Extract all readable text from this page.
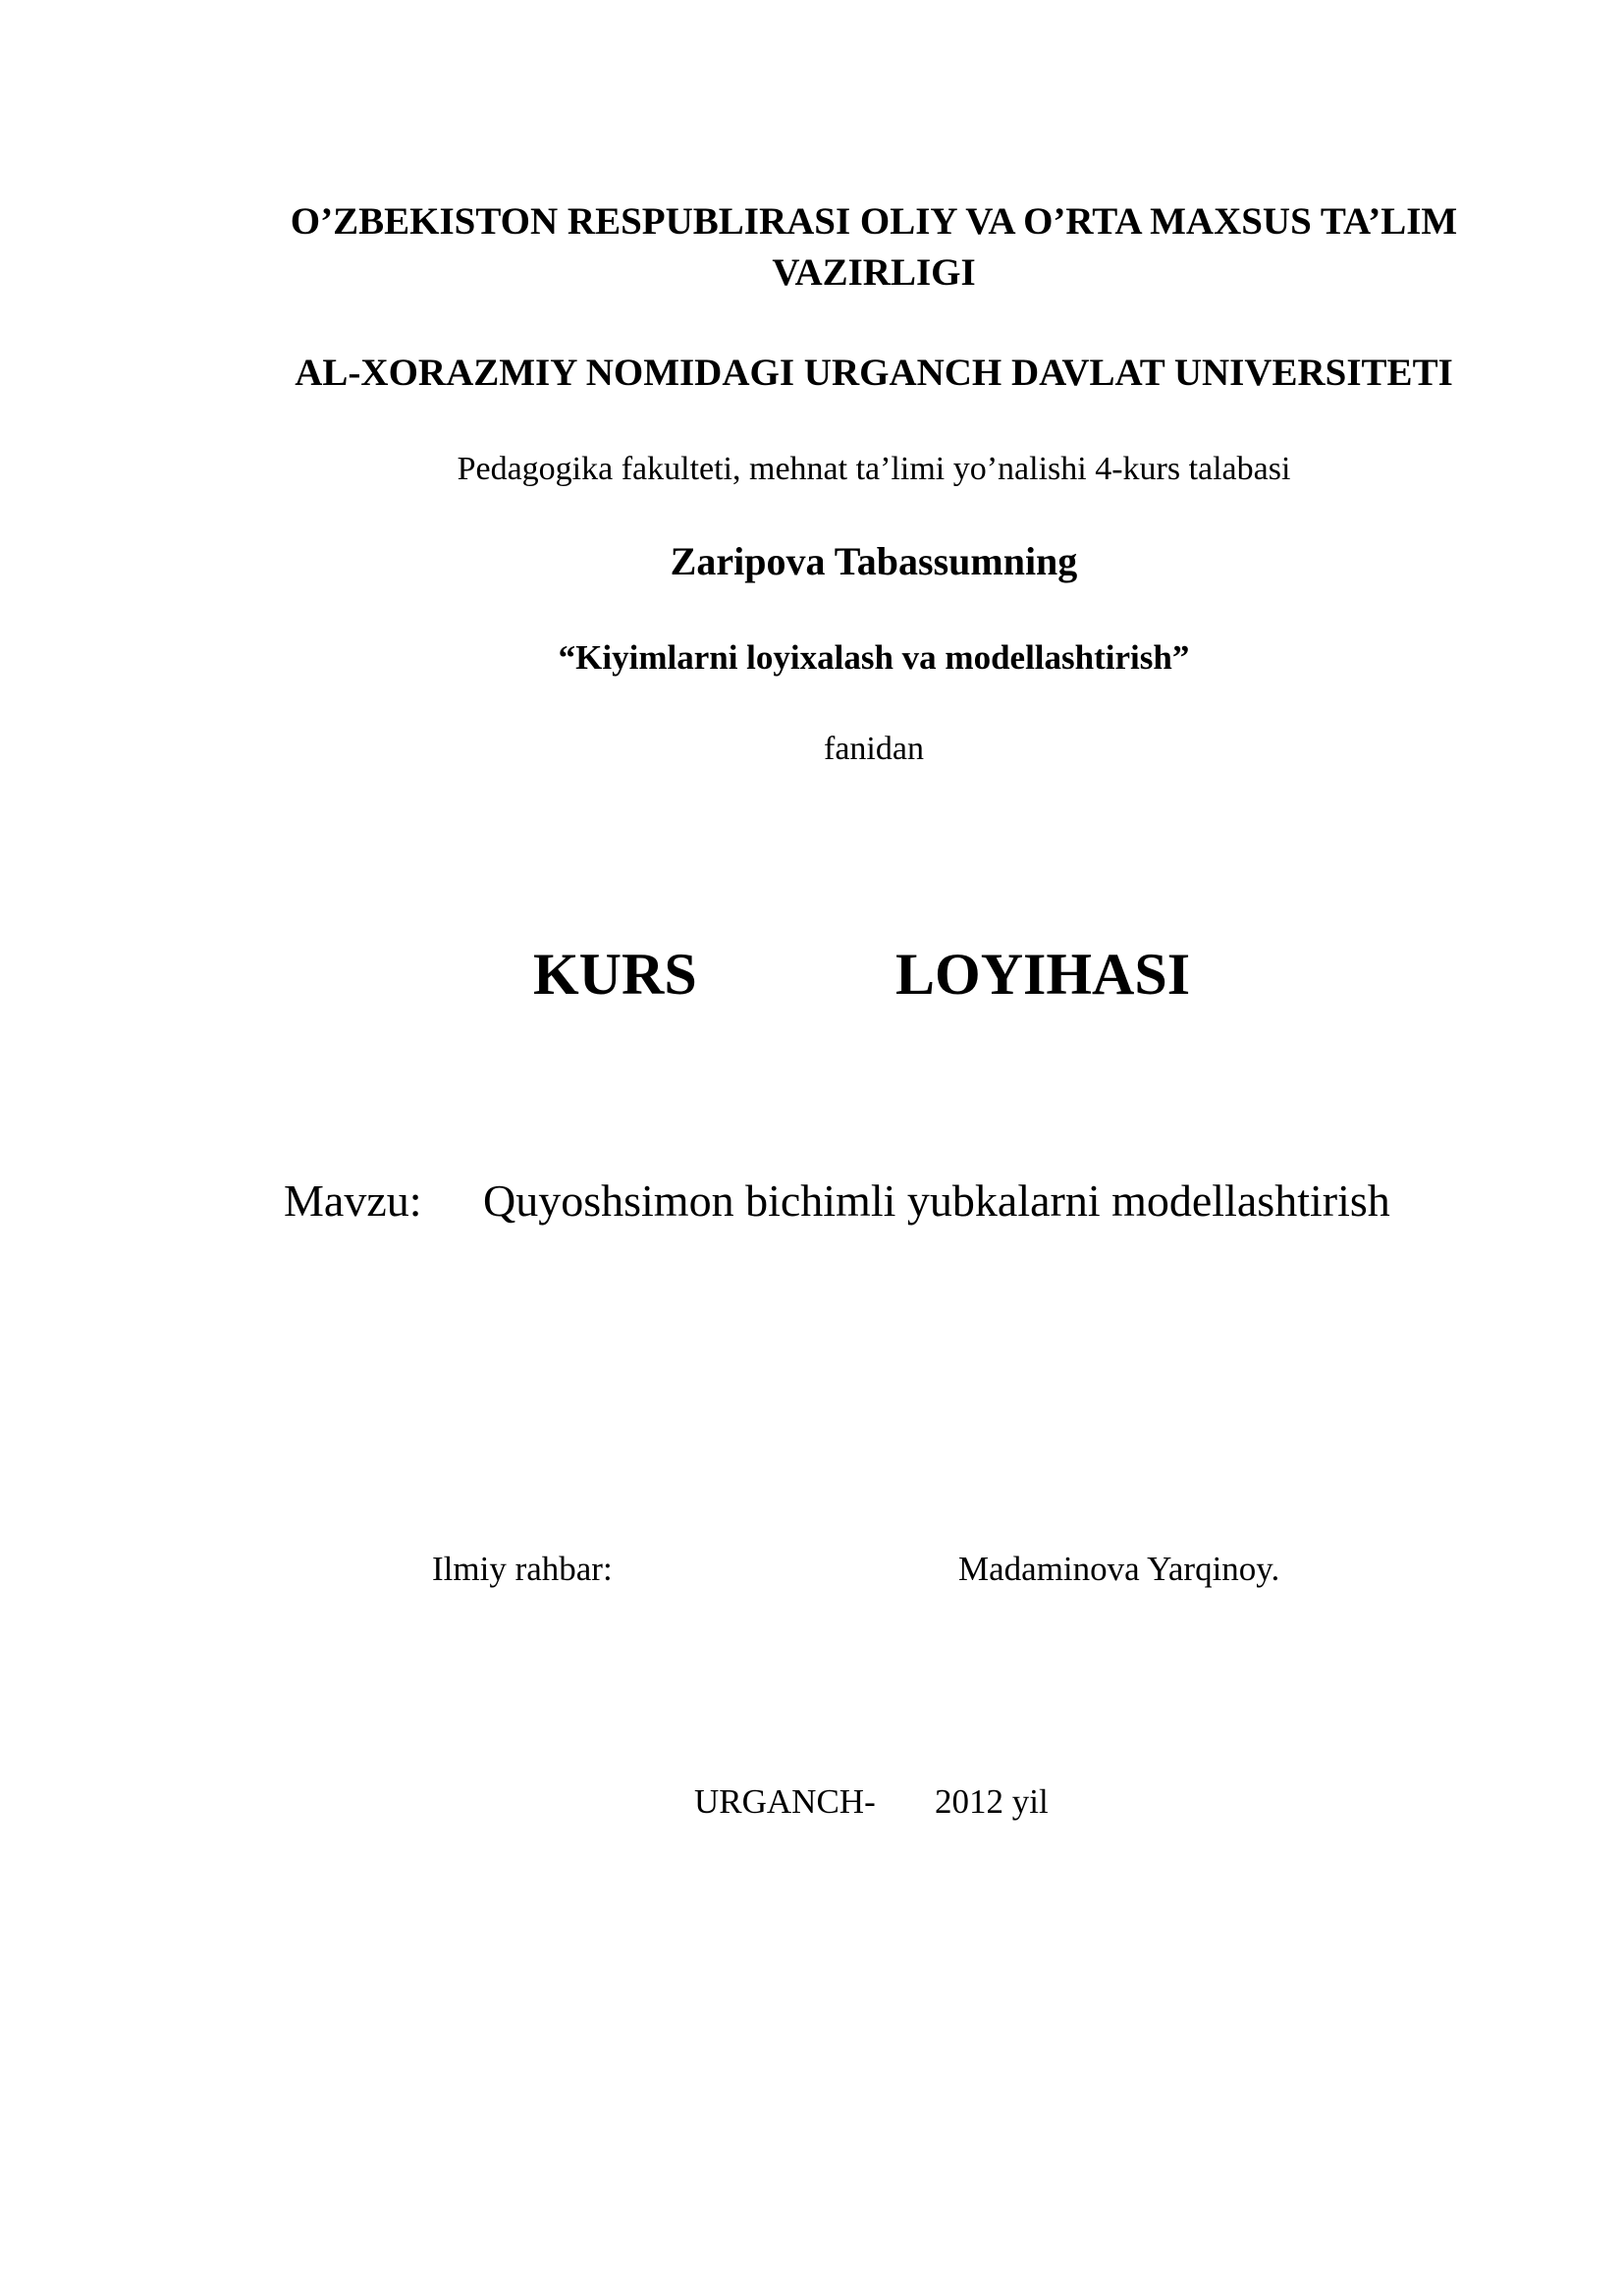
O’ZBEKISTON RESPUBLIRASI OLIY VA O’RTA MAXSUS TA’LIM
VAZIRLIGI
AL-XORAZMIY NOMIDAGI URGANCH DAVLAT UNIVERSITETI
Pedagogika fakulteti, mehnat ta’limi yo’nalishi 4-kurs talabasi
Zaripova Tabassumning
“Kiyimlarni loyixalash va modellashtirish”
fanidan
KURS	LOYIHASI
Mavzu: Quyoshsimon bichimli yubkalarni modellashtirish
Ilmiy rahbar:	Madaminova Yarqinoy.
URGANCH- 2012 yil
